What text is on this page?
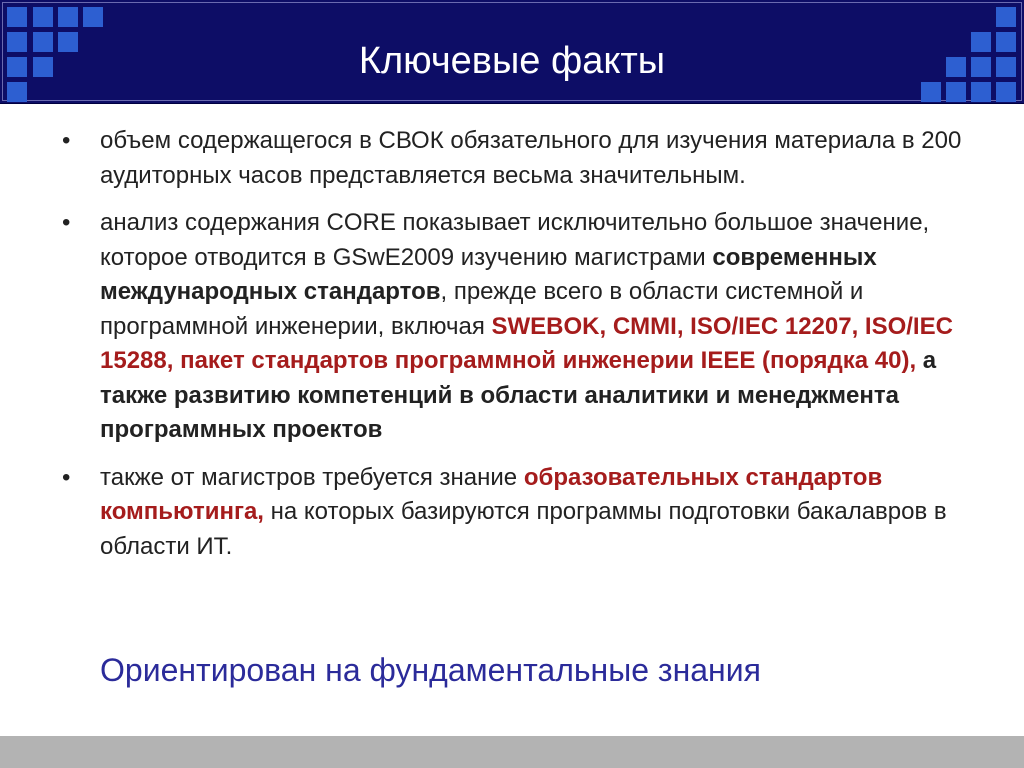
Ключевые факты
• объем содержащегося в СВОК обязательного для изучения материала в 200 аудиторных часов представляется весьма значительным.
• анализ содержания CORE показывает исключительно большое значение, которое отводится в GSwE2009 изучению магистрами современных международных стандартов, прежде всего в области системной и программной инженерии, включая SWEBOK, CMMI, ISO/IEC 12207, ISO/IEC 15288, пакет стандартов программной инженерии IEEE (порядка 40), а также развитию компетенций в области аналитики и менеджмента программных проектов
• также от магистров требуется знание образовательных стандартов компьютинга, на которых базируются программы подготовки бакалавров в области ИТ.
Ориентирован на фундаментальные знания
